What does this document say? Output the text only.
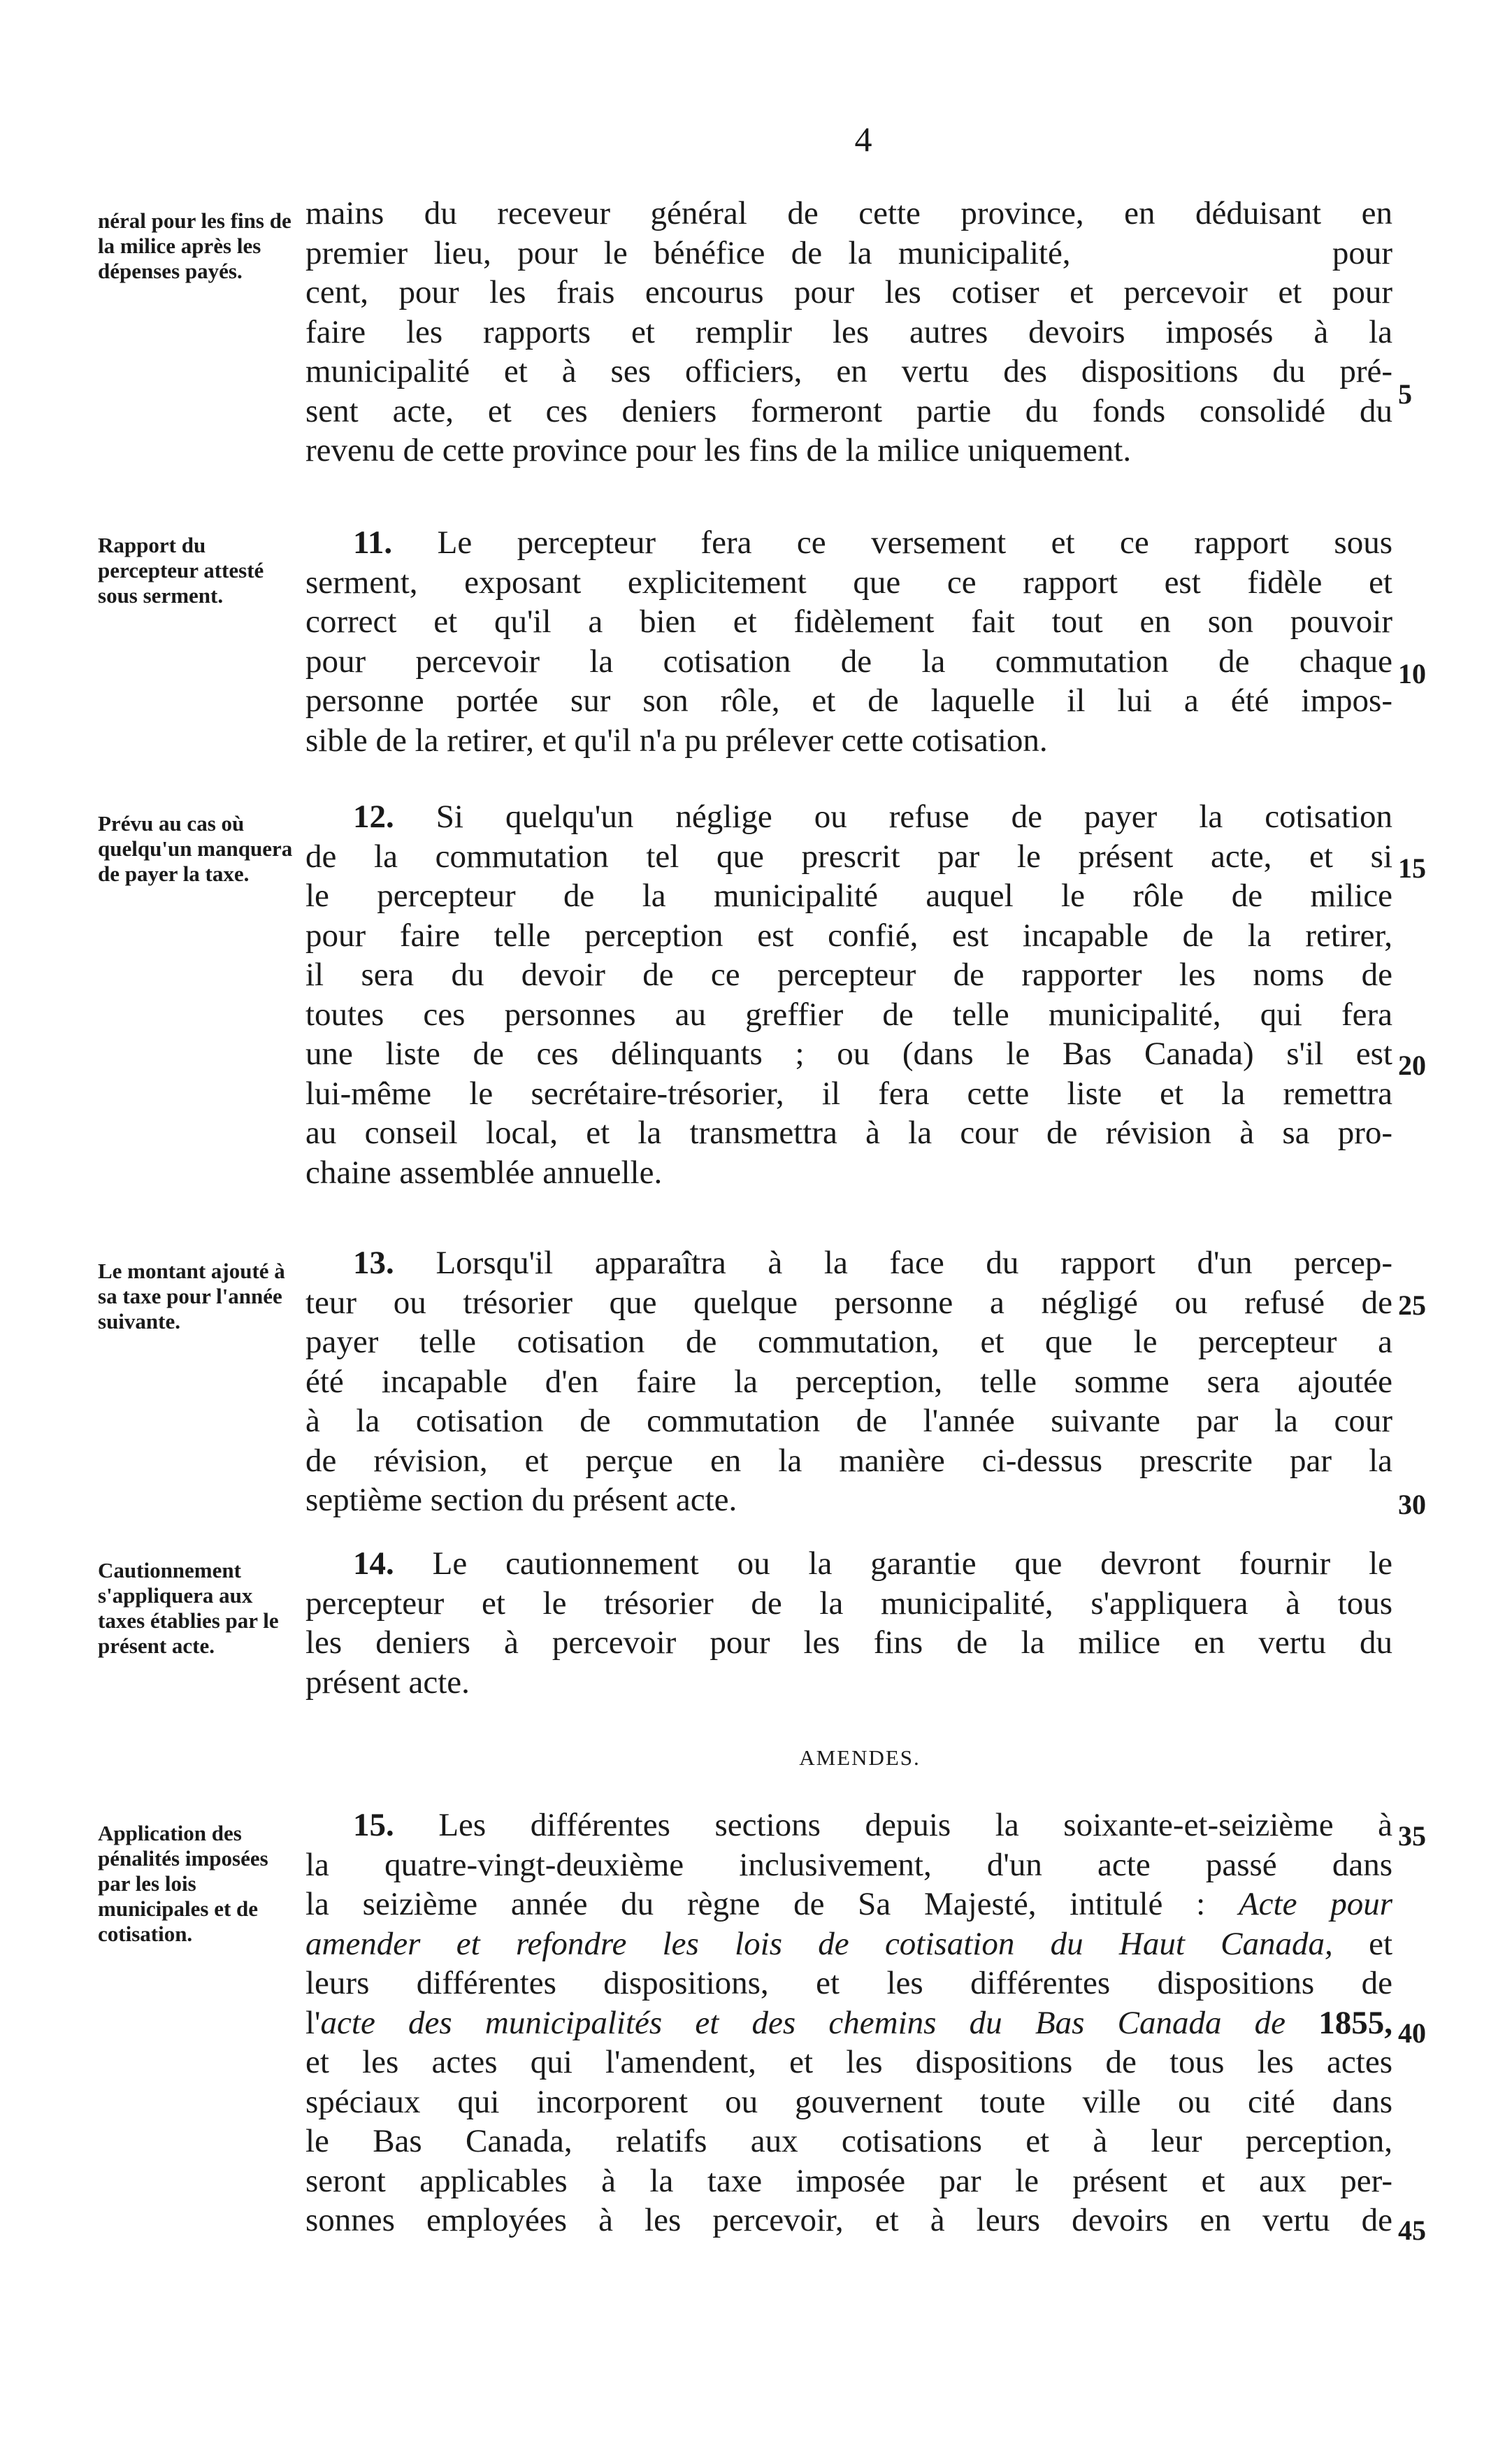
4
néral pour les fins de la milice après les dépenses payés.
mains du receveur général de cette province, en déduisant en
premier lieu, pour le bénéfice de la municipalité,          pour
cent, pour les frais encourus pour les cotiser et percevoir et pour
faire les rapports et remplir les autres devoirs imposés à la
municipalité et à ses officiers, en vertu des dispositions du pré-
sent acte, et ces deniers formeront partie du fonds consolidé du
revenu de cette province pour les fins de la milice uniquement.
5
Rapport du percepteur attesté sous serment.
11. Le percepteur fera ce versement et ce rapport sous
serment, exposant explicitement que ce rapport est fidèle et
correct et qu'il a bien et fidèlement fait tout en son pouvoir
pour percevoir la cotisation de la commutation de chaque
personne portée sur son rôle, et de laquelle il lui a été impos-
sible de la retirer, et qu'il n'a pu prélever cette cotisation.
10
Prévu au cas où quelqu'un manquera de payer la taxe.
12. Si quelqu'un néglige ou refuse de payer la cotisation
de la commutation tel que prescrit par le présent acte, et si
le percepteur de la municipalité auquel le rôle de milice
pour faire telle perception est confié, est incapable de la retirer,
il sera du devoir de ce percepteur de rapporter les noms de
toutes ces personnes au greffier de telle municipalité, qui fera
une liste de ces délinquants ; ou (dans le Bas Canada) s'il est
lui-même le secrétaire-trésorier, il fera cette liste et la remettra
au conseil local, et la transmettra à la cour de révision à sa pro-
chaine assemblée annuelle.
15
20
Le montant ajouté à sa taxe pour l'année suivante.
13. Lorsqu'il apparaîtra à la face du rapport d'un percep-
teur ou trésorier que quelque personne a négligé ou refusé de
payer telle cotisation de commutation, et que le percepteur a
été incapable d'en faire la perception, telle somme sera ajoutée
à la cotisation de commutation de l'année suivante par la cour
de révision, et perçue en la manière ci-dessus prescrite par la
septième section du présent acte.
25
30
Cautionnement s'appliquera aux taxes établies par le présent acte.
14. Le cautionnement ou la garantie que devront fournir le
percepteur et le trésorier de la municipalité, s'appliquera à tous
les deniers à percevoir pour les fins de la milice en vertu du
présent acte.
AMENDES.
Application des pénalités imposées par les lois municipales et de cotisation.
15. Les différentes sections depuis la soixante-et-seizième à
la quatre-vingt-deuxième inclusivement, d'un acte passé dans
la seizième année du règne de Sa Majesté, intitulé : Acte pour
amender et refondre les lois de cotisation du Haut Canada, et
leurs différentes dispositions, et les différentes dispositions de
l'acte des municipalités et des chemins du Bas Canada de 1855,
et les actes qui l'amendent, et les dispositions de tous les actes
spéciaux qui incorporent ou gouvernent toute ville ou cité dans
le Bas Canada, relatifs aux cotisations et à leur perception,
seront applicables à la taxe imposée par le présent et aux per-
sonnes employées à les percevoir, et à leurs devoirs en vertu de
35
40
45
